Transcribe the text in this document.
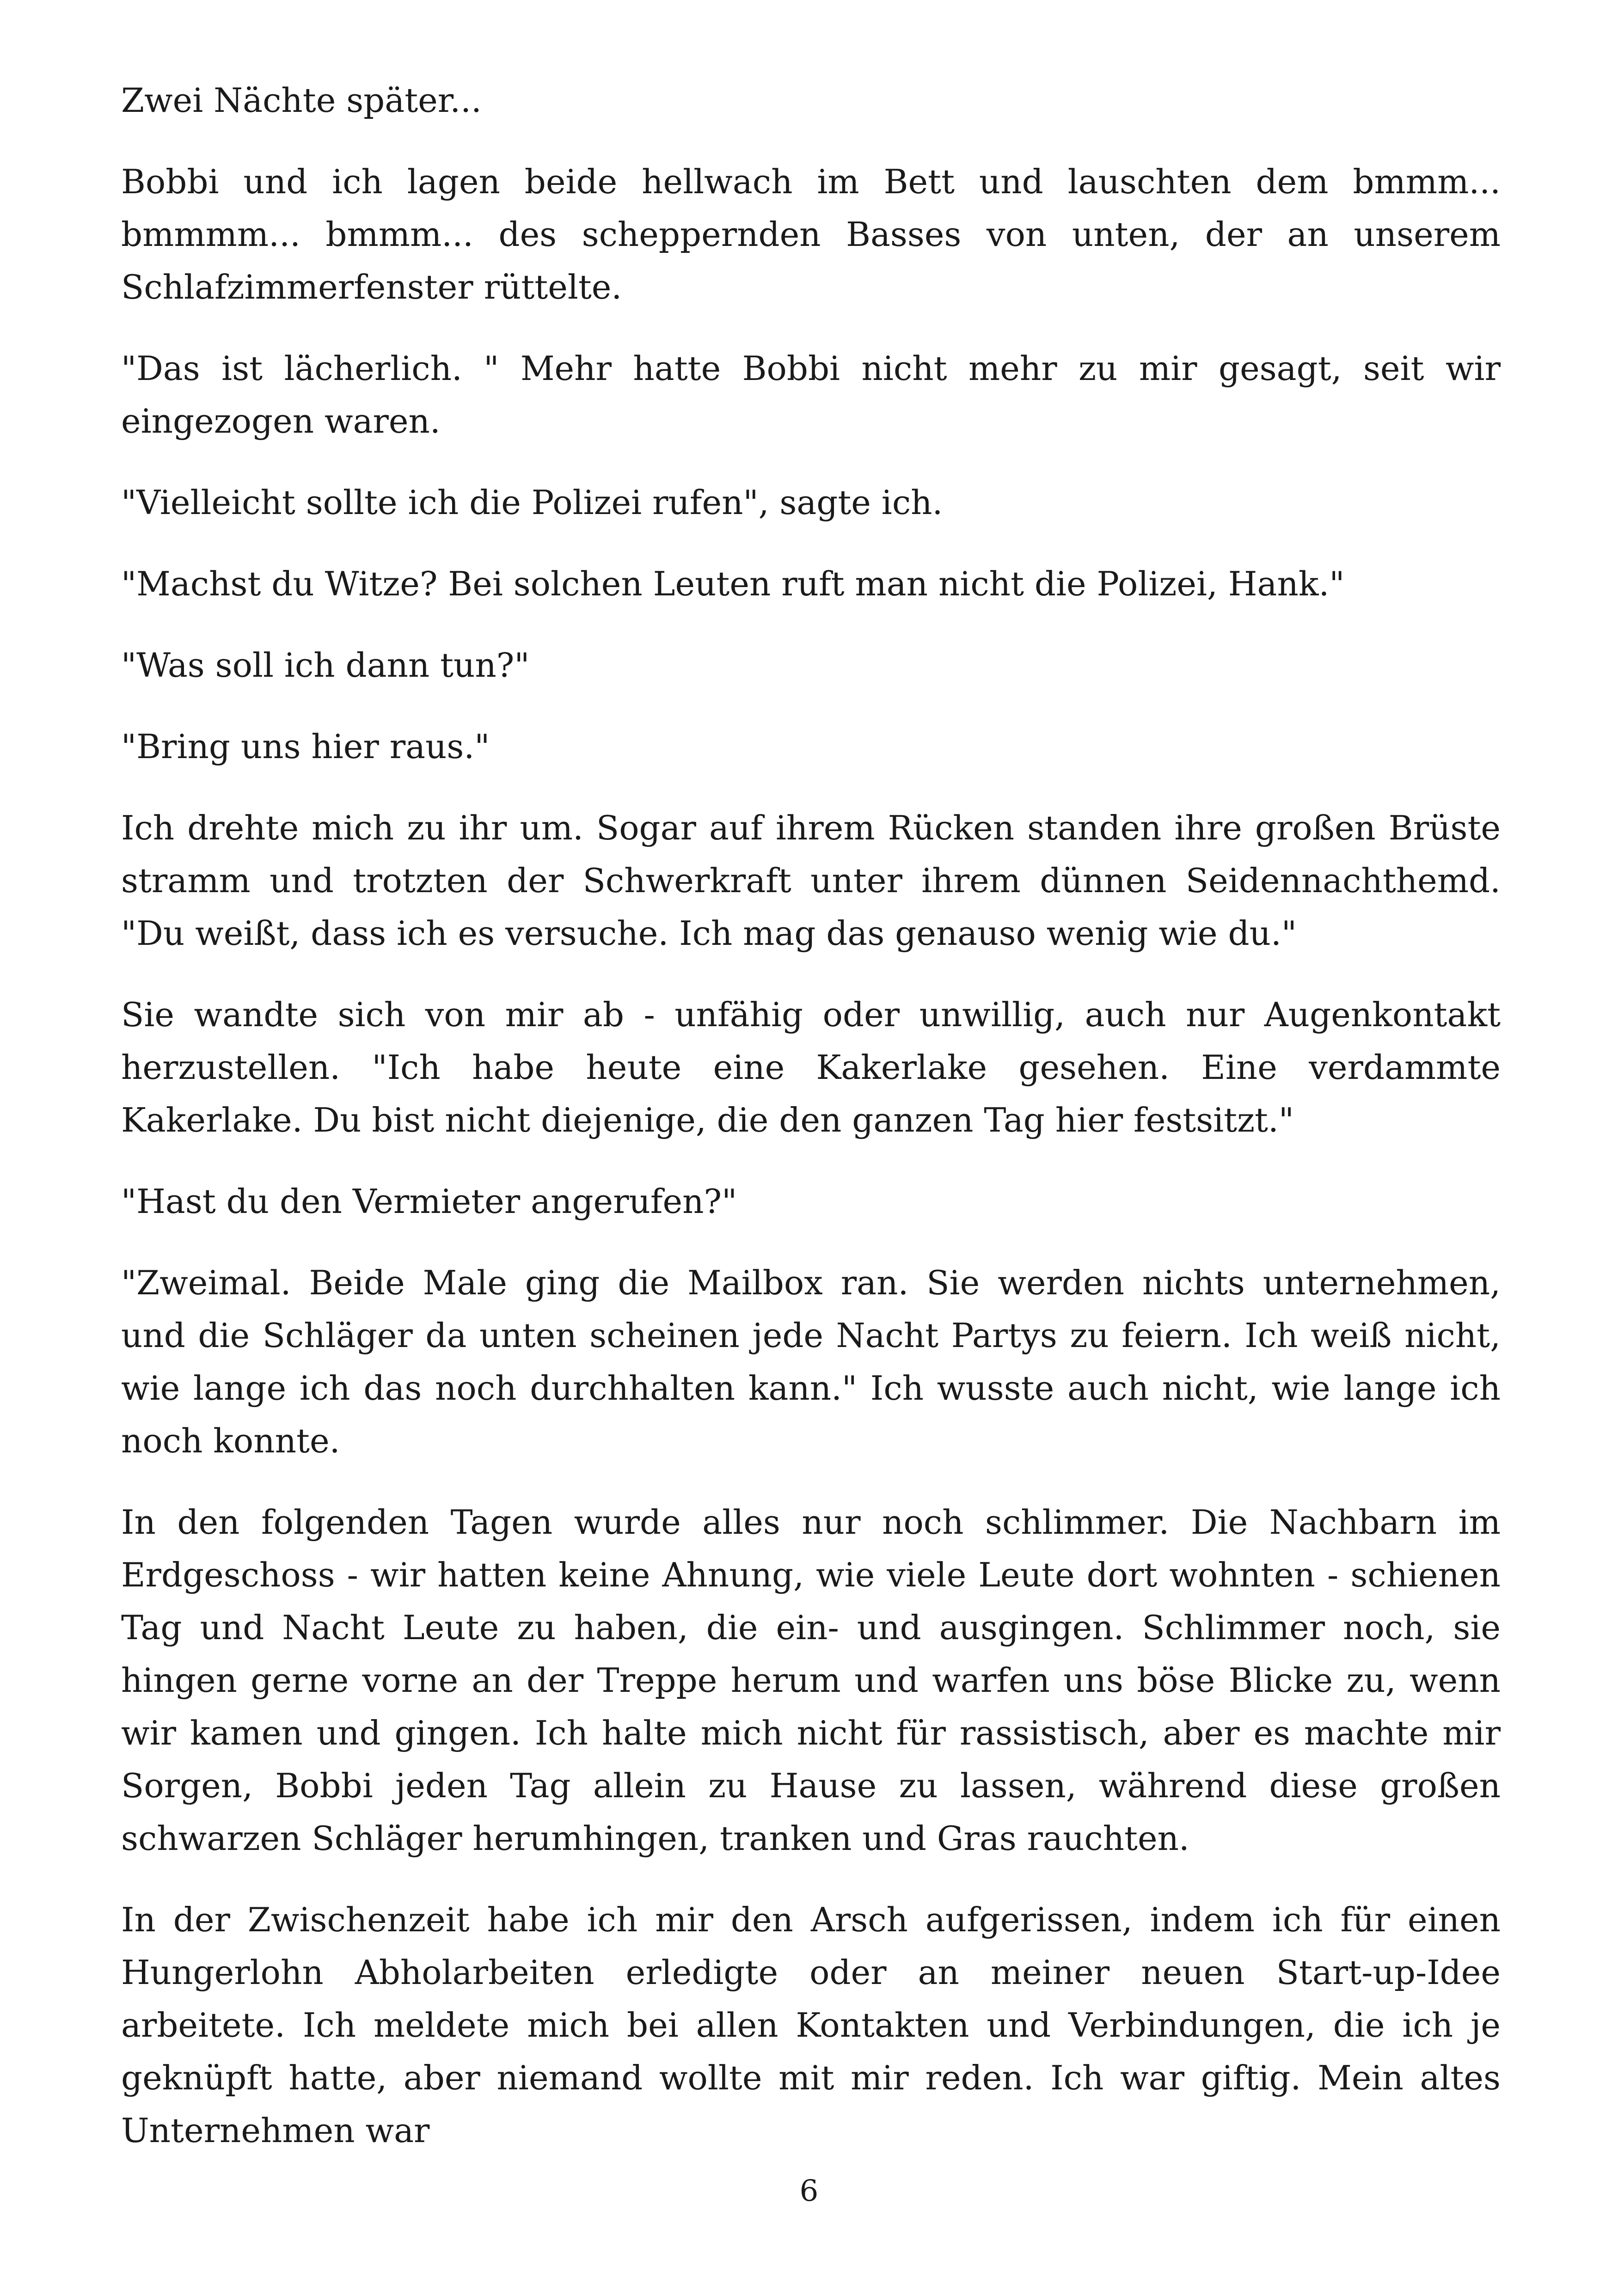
Zwei Nächte später...

Bobbi und ich lagen beide hellwach im Bett und lauschten dem bmmm... bmmmm... bmmm... des scheppernden Basses von unten, der an unserem Schlafzimmerfenster rüttelte.

"Das ist lächerlich. " Mehr hatte Bobbi nicht mehr zu mir gesagt, seit wir eingezogen waren.

"Vielleicht sollte ich die Polizei rufen", sagte ich.

"Machst du Witze? Bei solchen Leuten ruft man nicht die Polizei, Hank."

"Was soll ich dann tun?"

"Bring uns hier raus."

Ich drehte mich zu ihr um. Sogar auf ihrem Rücken standen ihre großen Brüste stramm und trotzten der Schwerkraft unter ihrem dünnen Seidennachthemd. "Du weißt, dass ich es versuche. Ich mag das genauso wenig wie du."

Sie wandte sich von mir ab - unfähig oder unwillig, auch nur Augenkontakt herzustellen. "Ich habe heute eine Kakerlake gesehen. Eine verdammte Kakerlake. Du bist nicht diejenige, die den ganzen Tag hier festsitzt."

"Hast du den Vermieter angerufen?"

"Zweimal. Beide Male ging die Mailbox ran. Sie werden nichts unternehmen, und die Schläger da unten scheinen jede Nacht Partys zu feiern. Ich weiß nicht, wie lange ich das noch durchhalten kann." Ich wusste auch nicht, wie lange ich noch konnte.

In den folgenden Tagen wurde alles nur noch schlimmer. Die Nachbarn im Erdgeschoss - wir hatten keine Ahnung, wie viele Leute dort wohnten - schienen Tag und Nacht Leute zu haben, die ein- und ausgingen. Schlimmer noch, sie hingen gerne vorne an der Treppe herum und warfen uns böse Blicke zu, wenn wir kamen und gingen. Ich halte mich nicht für rassistisch, aber es machte mir Sorgen, Bobbi jeden Tag allein zu Hause zu lassen, während diese großen schwarzen Schläger herumhingen, tranken und Gras rauchten.

In der Zwischenzeit habe ich mir den Arsch aufgerissen, indem ich für einen Hungerlohn Abholarbeiten erledigte oder an meiner neuen Start-up-Idee arbeitete. Ich meldete mich bei allen Kontakten und Verbindungen, die ich je geknüpft hatte, aber niemand wollte mit mir reden. Ich war giftig. Mein altes Unternehmen war

6
